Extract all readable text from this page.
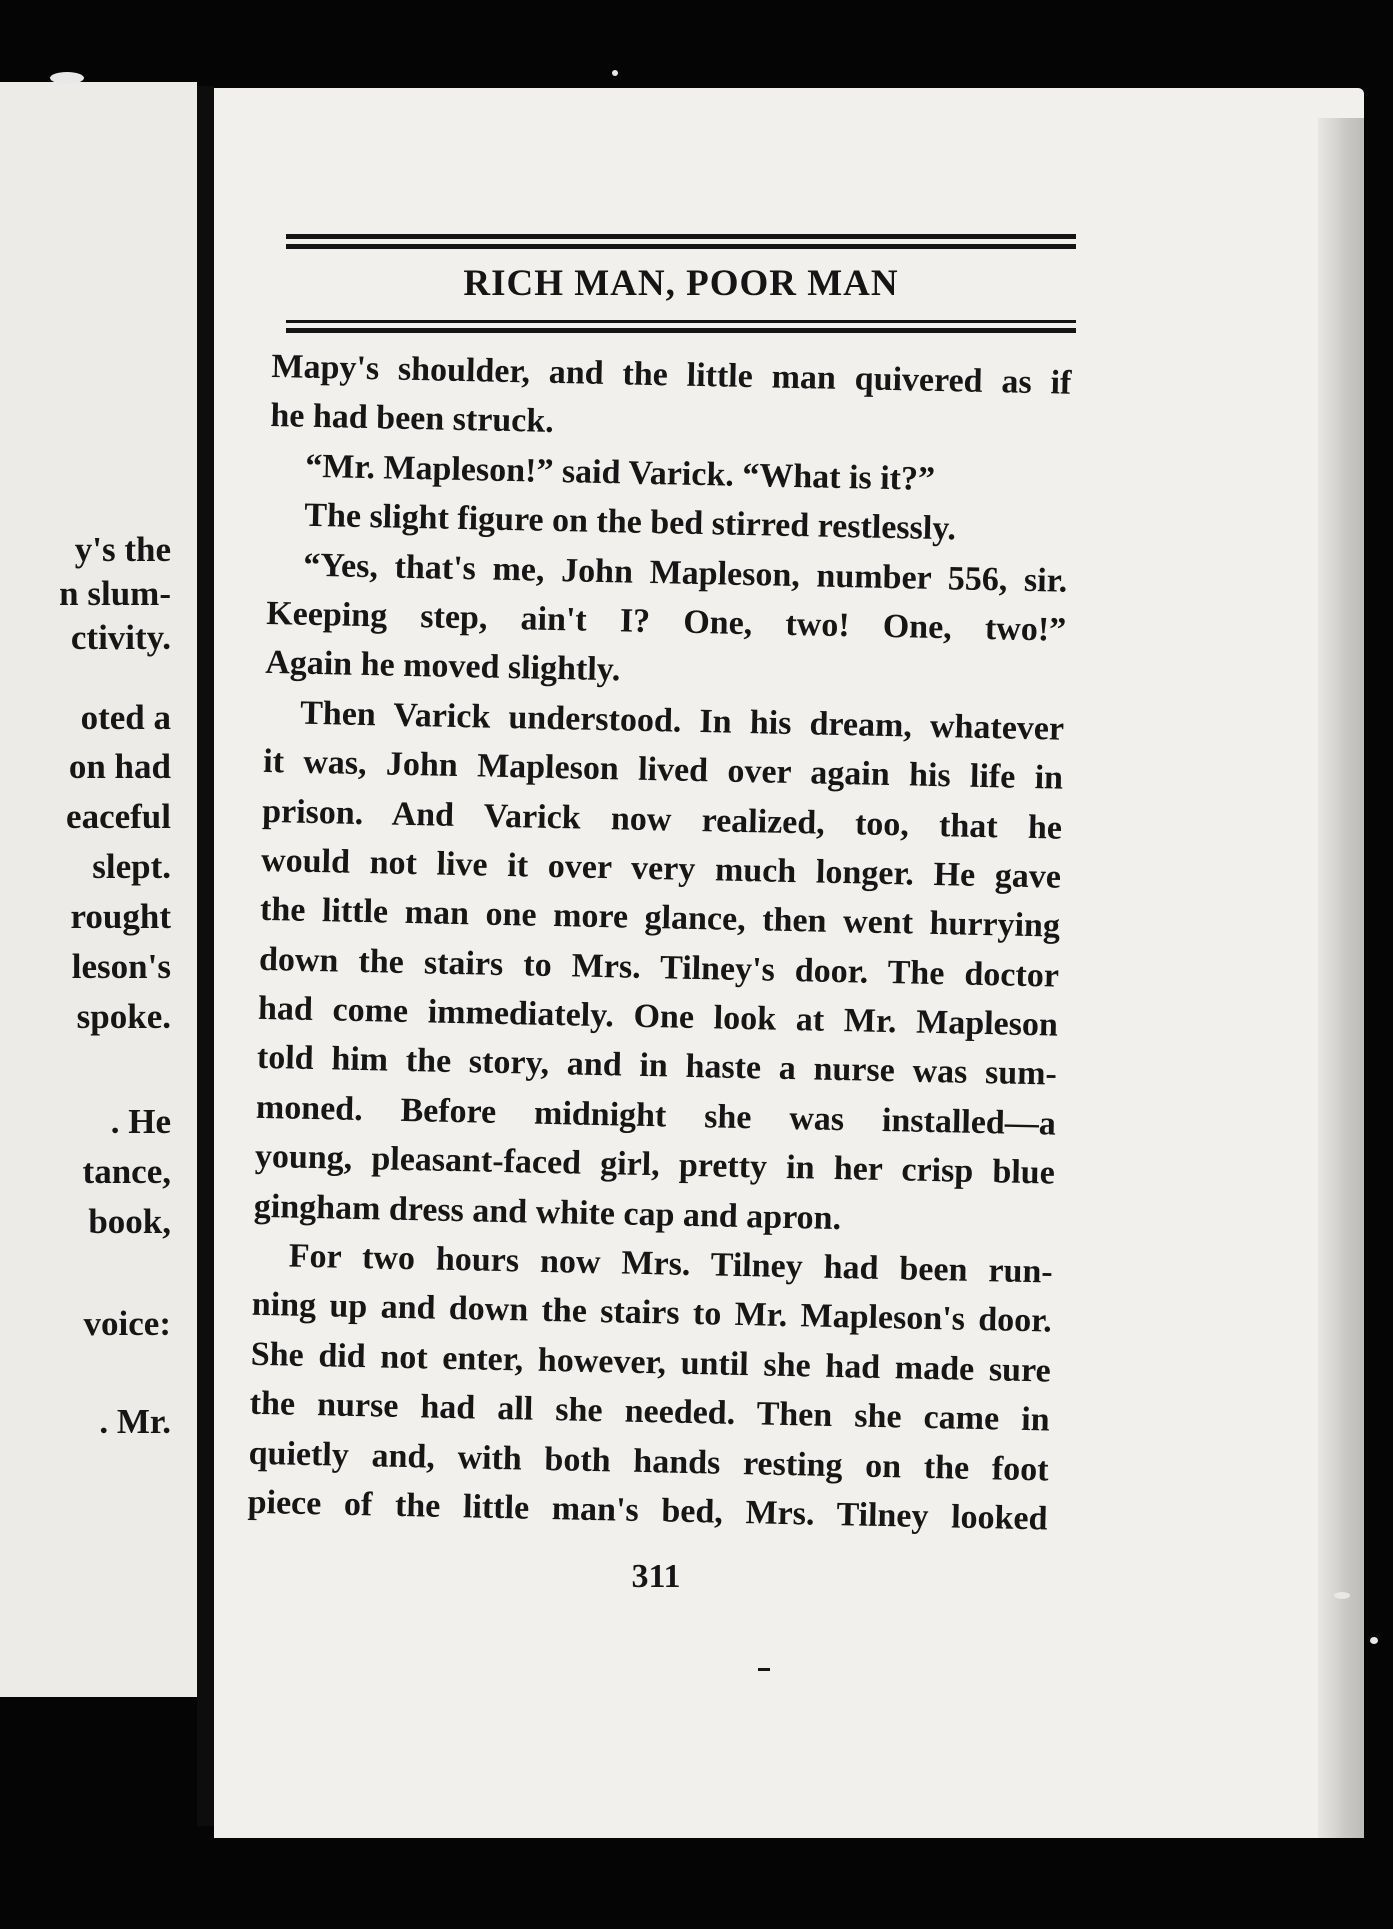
y's the
n slum-
ctivity.
oted a
on had
eaceful
slept.
rought
leson's
spoke.
. He
tance,
book,
voice:
. Mr.
RICH MAN, POOR MAN
Mapy's shoulder, and the little man quivered as if
he had been struck.
“Mr. Mapleson!” said Varick. “What is it?”
The slight figure on the bed stirred restlessly.
“Yes, that's me, John Mapleson, number 556, sir.
Keeping step, ain't I? One, two! One, two!”
Again he moved slightly.
Then Varick understood. In his dream, whatever
it was, John Mapleson lived over again his life in
prison. And Varick now realized, too, that he
would not live it over very much longer. He gave
the little man one more glance, then went hurrying
down the stairs to Mrs. Tilney's door. The doctor
had come immediately. One look at Mr. Mapleson
told him the story, and in haste a nurse was sum-
moned. Before midnight she was installed—a
young, pleasant-faced girl, pretty in her crisp blue
gingham dress and white cap and apron.
For two hours now Mrs. Tilney had been run-
ning up and down the stairs to Mr. Mapleson's door.
She did not enter, however, until she had made sure
the nurse had all she needed. Then she came in
quietly and, with both hands resting on the foot
piece of the little man's bed, Mrs. Tilney looked
311
